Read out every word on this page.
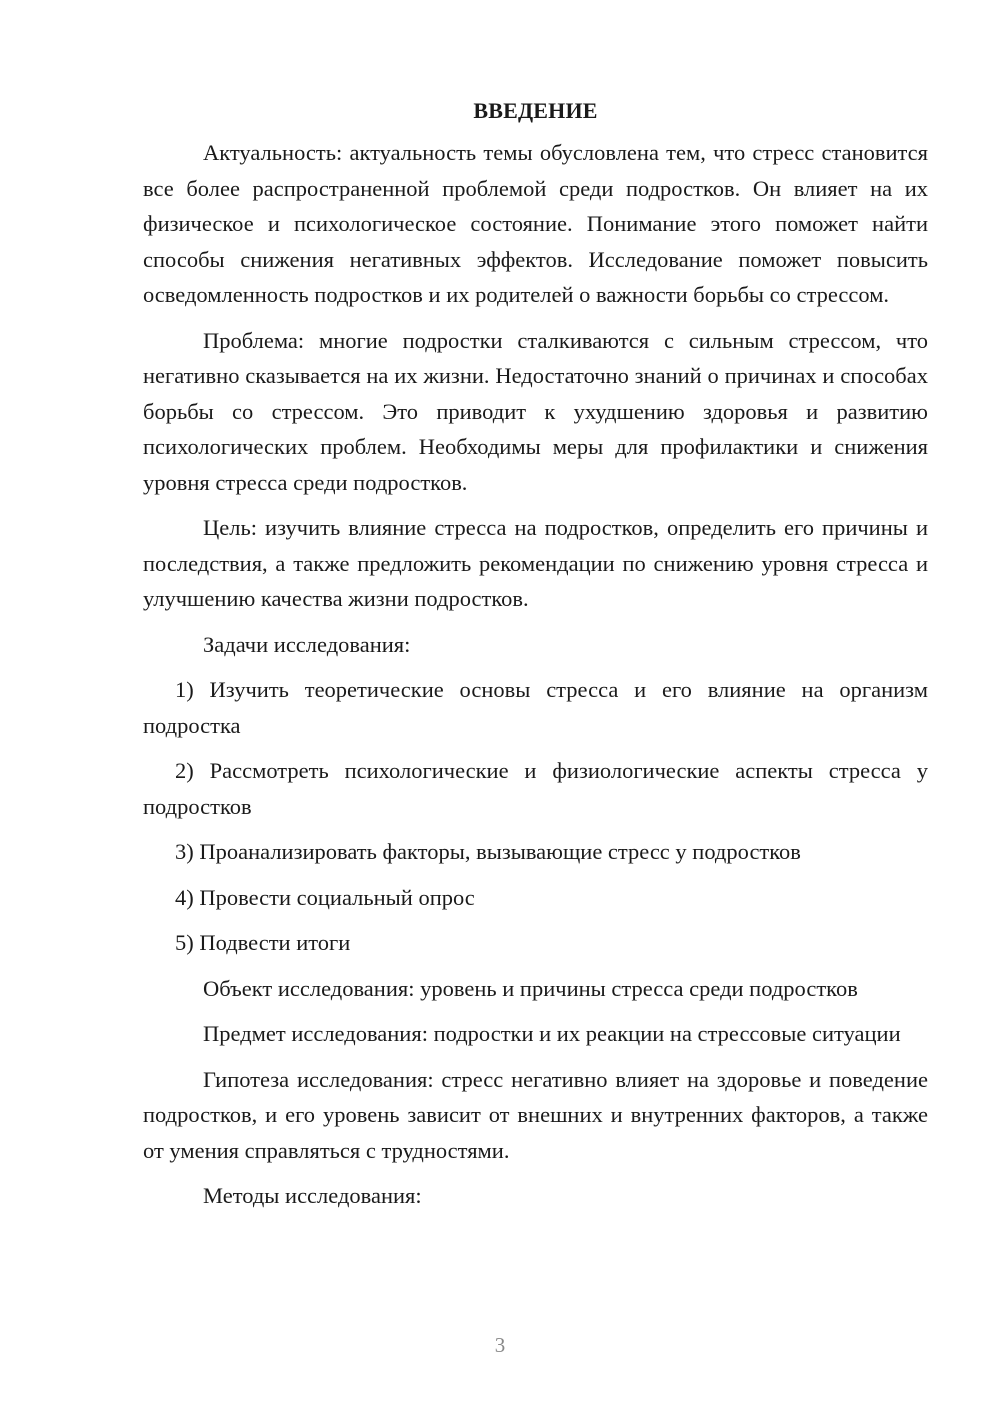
ВВЕДЕНИЕ

Актуальность: актуальность темы обусловлена тем, что стресс становится все более распространенной проблемой среди подростков. Он влияет на их физическое и психологическое состояние. Понимание этого поможет найти способы снижения негативных эффектов. Исследование поможет повысить осведомленность подростков и их родителей о важности борьбы со стрессом.

Проблема: многие подростки сталкиваются с сильным стрессом, что негативно сказывается на их жизни. Недостаточно знаний о причинах и способах борьбы со стрессом. Это приводит к ухудшению здоровья и развитию психологических проблем. Необходимы меры для профилактики и снижения уровня стресса среди подростков.

Цель: изучить влияние стресса на подростков, определить его причины и последствия, а также предложить рекомендации по снижению уровня стресса и улучшению качества жизни подростков.

Задачи исследования:

1) Изучить теоретические основы стресса и его влияние на организм подростка

2) Рассмотреть психологические и физиологические аспекты стресса у подростков

3) Проанализировать факторы, вызывающие стресс у подростков

4) Провести социальный опрос

5) Подвести итоги

Объект исследования: уровень и причины стресса среди подростков

Предмет исследования: подростки и их реакции на стрессовые ситуации

Гипотеза исследования: стресс негативно влияет на здоровье и поведение подростков, и его уровень зависит от внешних и внутренних факторов, а также от умения справляться с трудностями.

Методы исследования:

3
